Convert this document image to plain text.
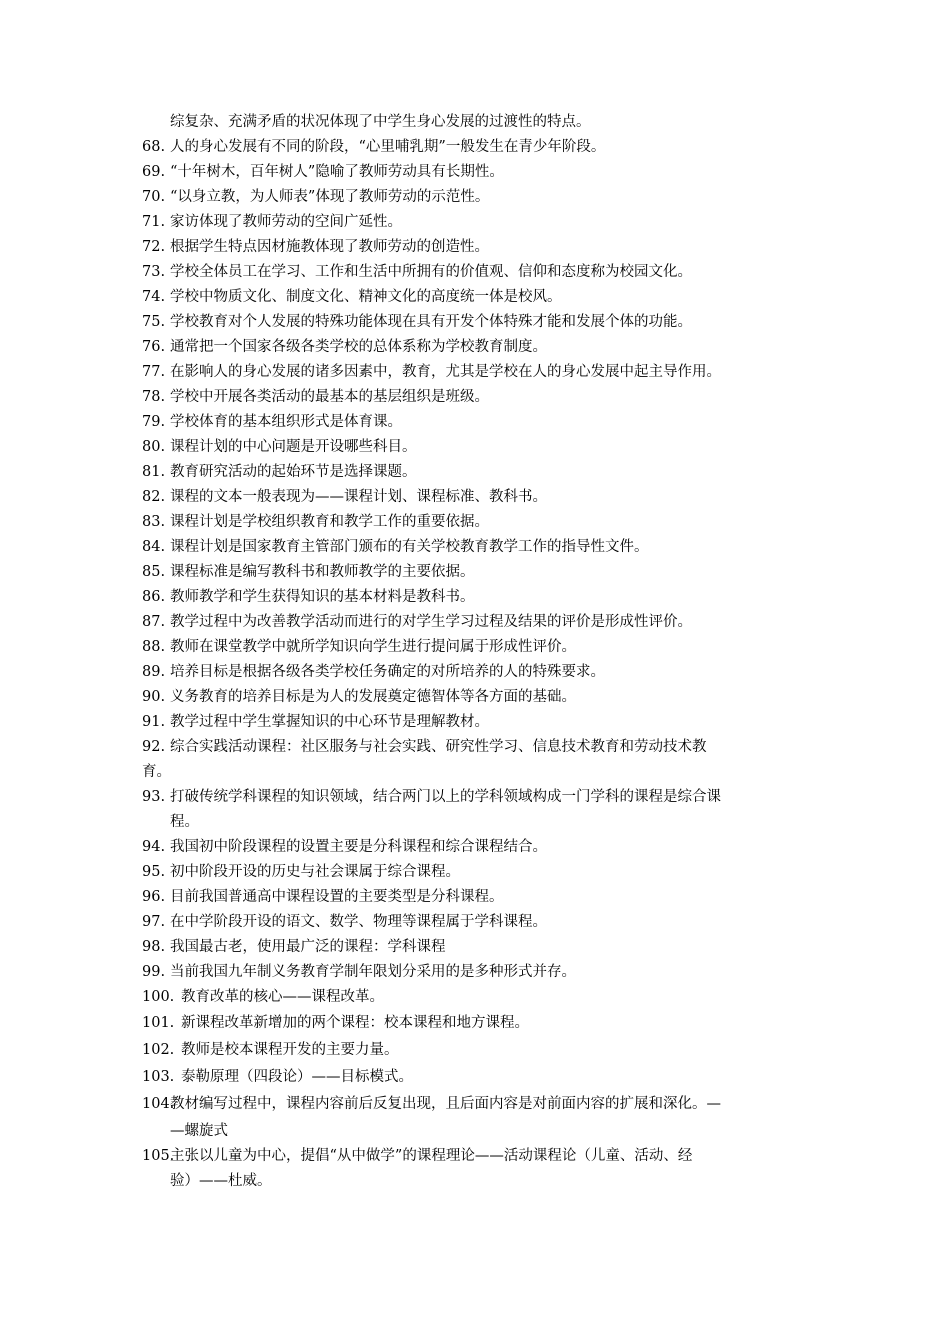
综复杂、充满矛盾的状况体现了中学生身心发展的过渡性的特点。
68. 人的身心发展有不同的阶段，“心里哺乳期”一般发生在青少年阶段。
69. “十年树木，百年树人”隐喻了教师劳动具有长期性。
70. “以身立教，为人师表”体现了教师劳动的示范性。
71. 家访体现了教师劳动的空间广延性。
72. 根据学生特点因材施教体现了教师劳动的创造性。
73. 学校全体员工在学习、工作和生活中所拥有的价值观、信仰和态度称为校园文化。
74. 学校中物质文化、制度文化、精神文化的高度统一体是校风。
75. 学校教育对个人发展的特殊功能体现在具有开发个体特殊才能和发展个体的功能。
76. 通常把一个国家各级各类学校的总体系称为学校教育制度。
77. 在影响人的身心发展的诸多因素中，教育，尤其是学校在人的身心发展中起主导作用。
78. 学校中开展各类活动的最基本的基层组织是班级。
79. 学校体育的基本组织形式是体育课。
80. 课程计划的中心问题是开设哪些科目。
81. 教育研究活动的起始环节是选择课题。
82. 课程的文本一般表现为——课程计划、课程标准、教科书。
83. 课程计划是学校组织教育和教学工作的重要依据。
84. 课程计划是国家教育主管部门颁布的有关学校教育教学工作的指导性文件。
85. 课程标准是编写教科书和教师教学的主要依据。
86. 教师教学和学生获得知识的基本材料是教科书。
87. 教学过程中为改善教学活动而进行的对学生学习过程及结果的评价是形成性评价。
88. 教师在课堂教学中就所学知识向学生进行提问属于形成性评价。
89. 培养目标是根据各级各类学校任务确定的对所培养的人的特殊要求。
90. 义务教育的培养目标是为人的发展奠定德智体等各方面的基础。
91. 教学过程中学生掌握知识的中心环节是理解教材。
92. 综合实践活动课程：社区服务与社会实践、研究性学习、信息技术教育和劳动技术教
育。
93. 打破传统学科课程的知识领域，结合两门以上的学科领域构成一门学科的课程是综合课
程。
94. 我国初中阶段课程的设置主要是分科课程和综合课程结合。
95. 初中阶段开设的历史与社会课属于综合课程。
96. 目前我国普通高中课程设置的主要类型是分科课程。
97. 在中学阶段开设的语文、数学、物理等课程属于学科课程。
98. 我国最古老，使用最广泛的课程：学科课程
99. 当前我国九年制义务教育学制年限划分采用的是多种形式并存。
100. 教育改革的核心——课程改革。
101. 新课程改革新增加的两个课程：校本课程和地方课程。
102. 教师是校本课程开发的主要力量。
103. 泰勒原理（四段论）——目标模式。
104.
教材编写过程中，课程内容前后反复出现，且后面内容是对前面内容的扩展和深化。—
—螺旋式
105.
主张以儿童为中心，提倡“从中做学”的课程理论——活动课程论（儿童、活动、经
验）——杜威。
